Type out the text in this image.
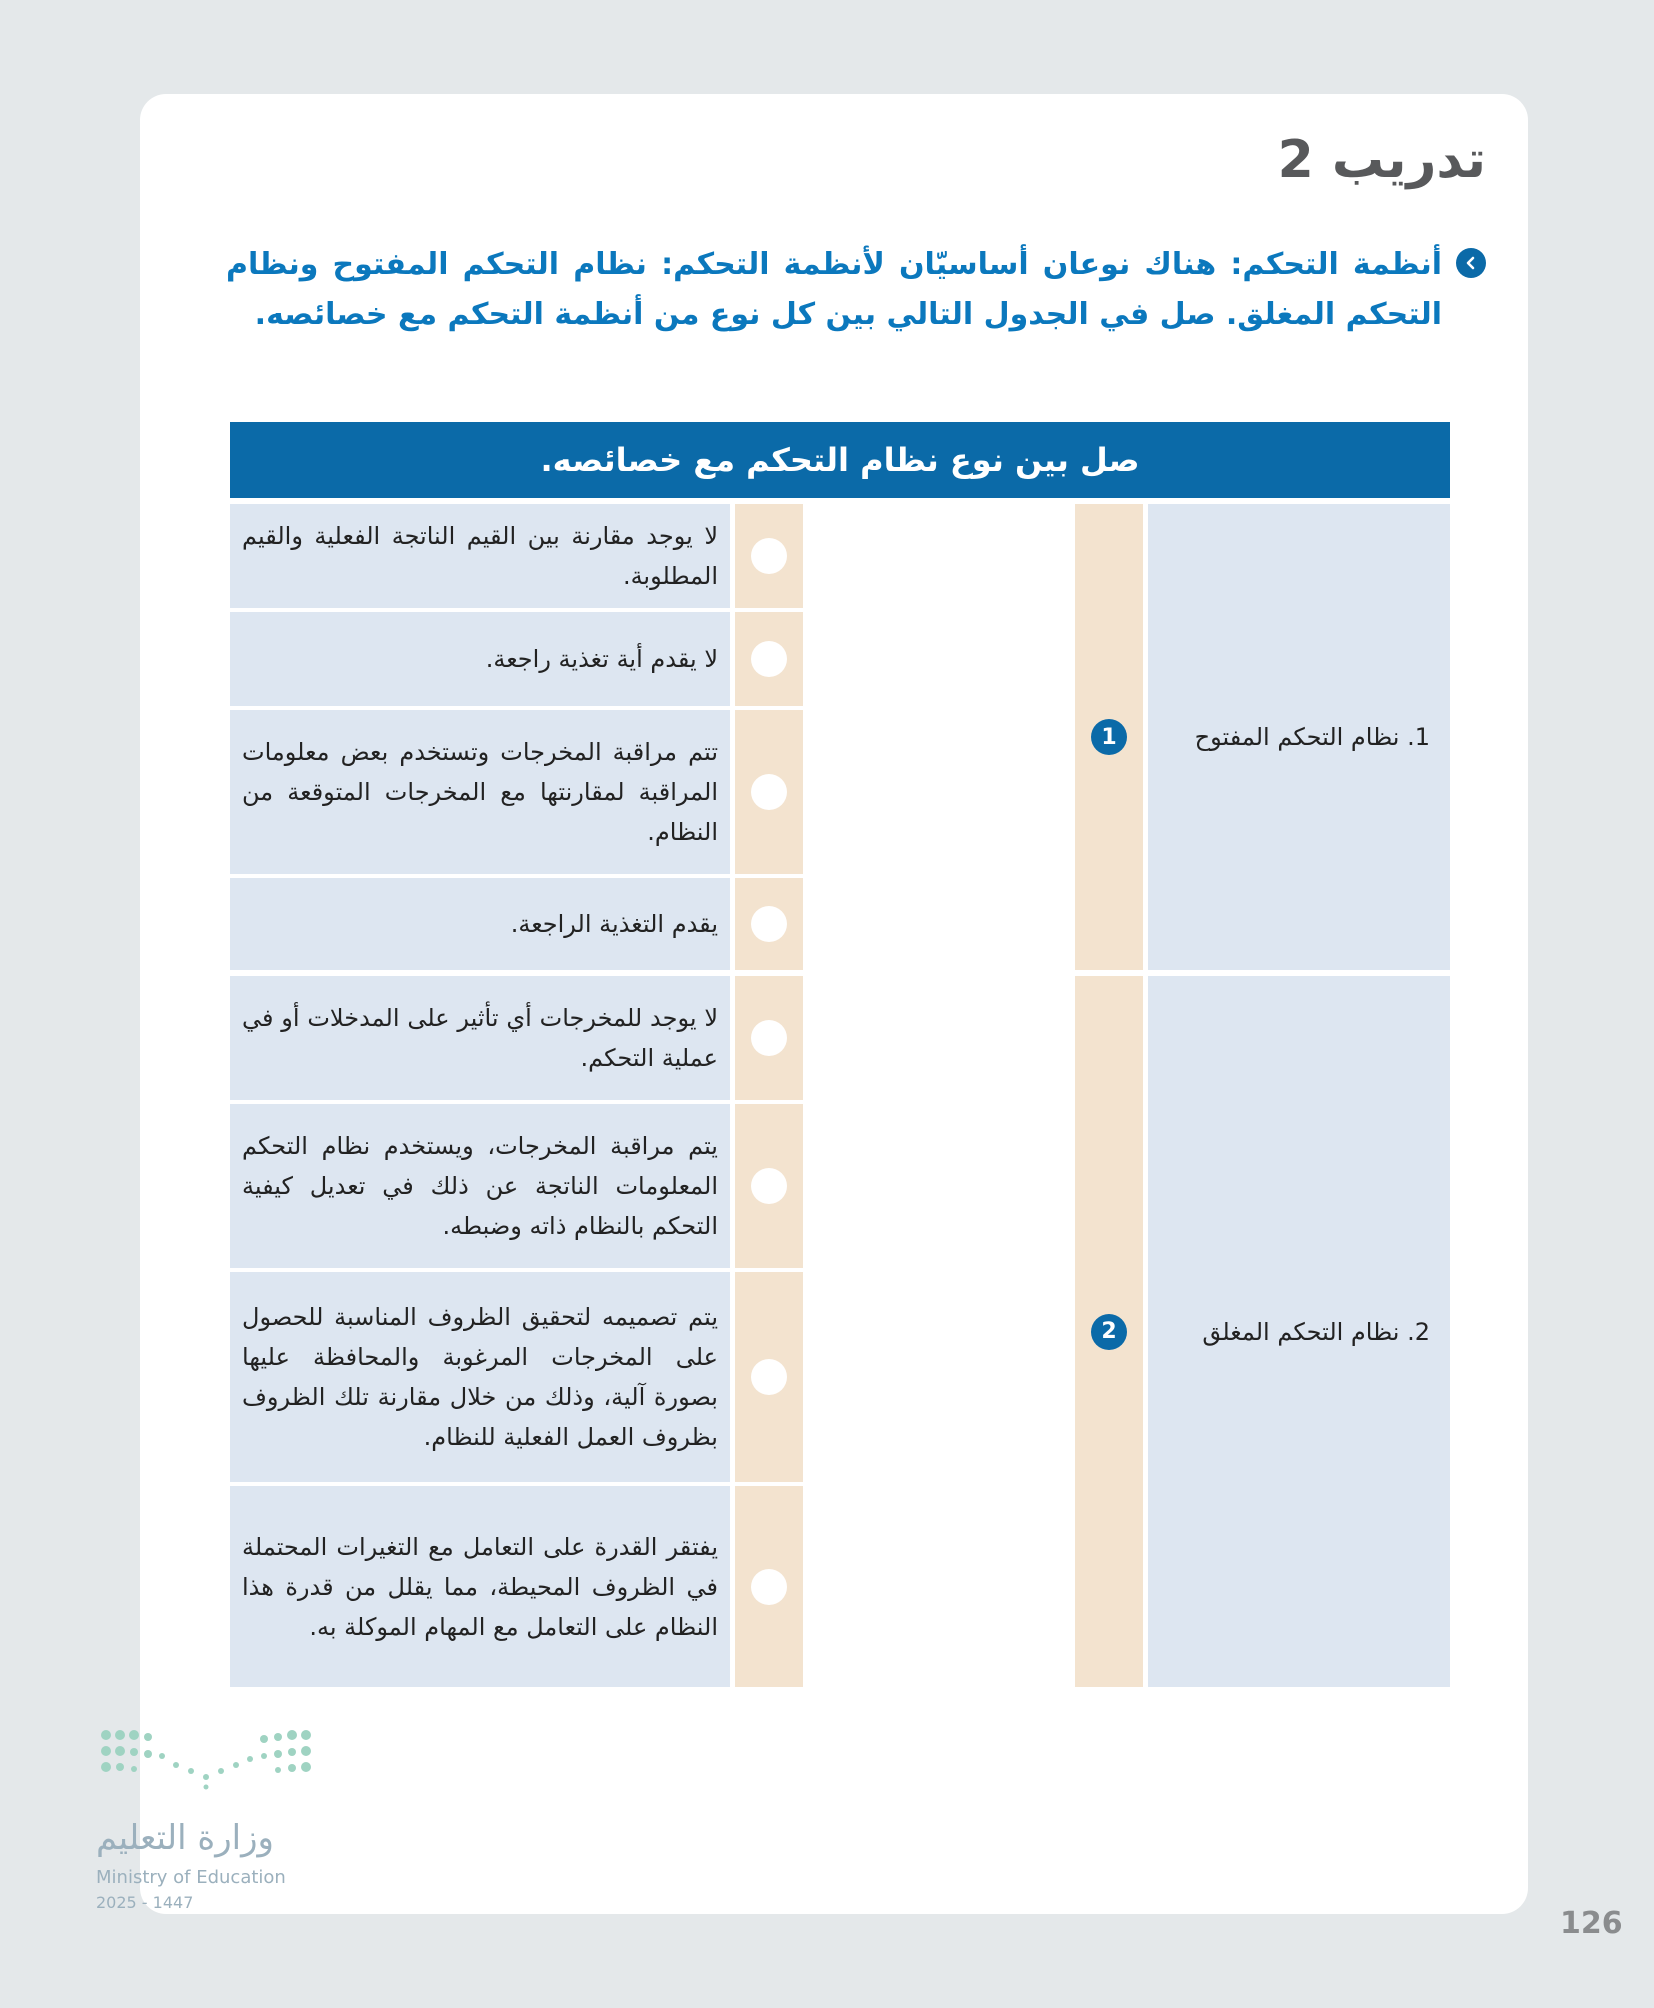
تدريب 2

أنظمة التحكم: هناك نوعان أساسيّان لأنظمة التحكم: نظام التحكم المفتوح ونظام التحكم المغلق. صل في الجدول التالي بين كل نوع من أنظمة التحكم مع خصائصه.

صل بين نوع نظام التحكم مع خصائصه.
1. نظام التحكم المفتوح
2. نظام التحكم المغلق
1
2
لا يوجد مقارنة بين القيم الناتجة الفعلية والقيم المطلوبة.
لا يقدم أية تغذية راجعة.
تتم مراقبة المخرجات وتستخدم بعض معلومات المراقبة لمقارنتها مع المخرجات المتوقعة من النظام.
يقدم التغذية الراجعة.
لا يوجد للمخرجات أي تأثير على المدخلات أو في عملية التحكم.
يتم مراقبة المخرجات، ويستخدم نظام التحكم المعلومات الناتجة عن ذلك في تعديل كيفية التحكم بالنظام ذاته وضبطه.
يتم تصميمه لتحقيق الظروف المناسبة للحصول على المخرجات المرغوبة والمحافظة عليها بصورة آلية، وذلك من خلال مقارنة تلك الظروف بظروف العمل الفعلية للنظام.
يفتقر القدرة على التعامل مع التغيرات المحتملة في الظروف المحيطة، مما يقلل من قدرة هذا النظام على التعامل مع المهام الموكلة به.
وزارة التعليم
Ministry of Education
2025 - 1447
126
